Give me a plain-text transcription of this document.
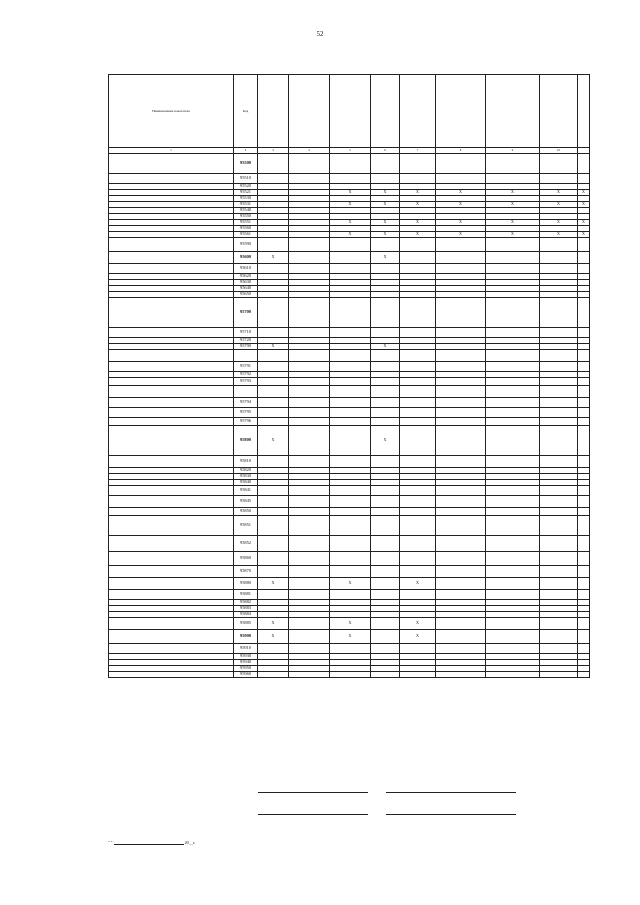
52
Наименование показателя	Код									
1	2	3	4	5	6	7	8	9	10	
	95500									
	95510									
	95520									
	95521			X	X	X	X	X	X	X
	95530									
	95531			X	X	X	X	X	X	X
	95540									
	95550									
	95551			X	X	X	X	X	X	X
	95560									
	95561			X	X	X	X	X	X	X
	95590									
	95600	X			X					
	95610									
	95620									
	95630									
	95640									
	95650									
	95700									
	95710									
	95720									
	95790	X			X					

	95791									
	95792									
	95793									

	95794									
	95795									
	95796									
	95800	X			X					
	95810									
	95820									
	95830									
	95840									
	95841									
	95845									
	95850									
	95851									
	95852									
	95860									
	95870									
	95880	X		X		X				
	95881									
	95882									
	95883									
	95884									
	95885	X		X		X				
	95900	X		X		X				
	95910									
	95930									
	95940									
	95950									
	95960									
" "	20__г.
